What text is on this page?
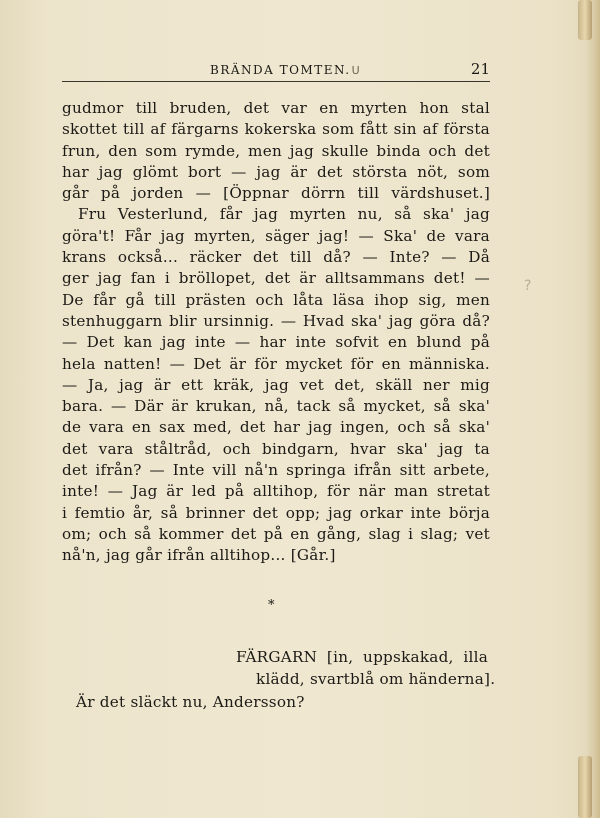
BRÄNDA TOMTEN.U	21
gudmor till bruden, det var en myrten hon stal
skottet till af färgarns kokerska som fått sin af första
frun, den som rymde, men jag skulle binda och det
har jag glömt bort — jag är det största nöt, som
går på jorden — [Öppnar dörrn till värdshuset.]
Fru Vesterlund, får jag myrten nu, så ska' jag
göra't! Får jag myrten, säger jag! — Ska' de vara
krans också... räcker det till då? — Inte? — Då
ger jag fan i bröllopet, det är alltsammans det! —
De får gå till prästen och låta läsa ihop sig, men
stenhuggarn blir ursinnig. — Hvad ska' jag göra då?
— Det kan jag inte — har inte sofvit en blund på
hela natten! — Det är för mycket för en människa.
— Ja, jag är ett kräk, jag vet det, skäll ner mig
bara. — Där är krukan, nå, tack så mycket, så ska'
de vara en sax med, det har jag ingen, och så ska'
det vara ståltråd, och bindgarn, hvar ska' jag ta
det ifrån? — Inte vill nå'n springa ifrån sitt arbete,
inte! — Jag är led på alltihop, för när man stretat
i femtio år, så brinner det opp; jag orkar inte börja
om; och så kommer det på en gång, slag i slag; vet
nå'n, jag går ifrån alltihop... [Går.]
?
*
FÄRGARN [in, uppskakad, illa
klädd, svartblå om händerna].
Är det släckt nu, Andersson?
